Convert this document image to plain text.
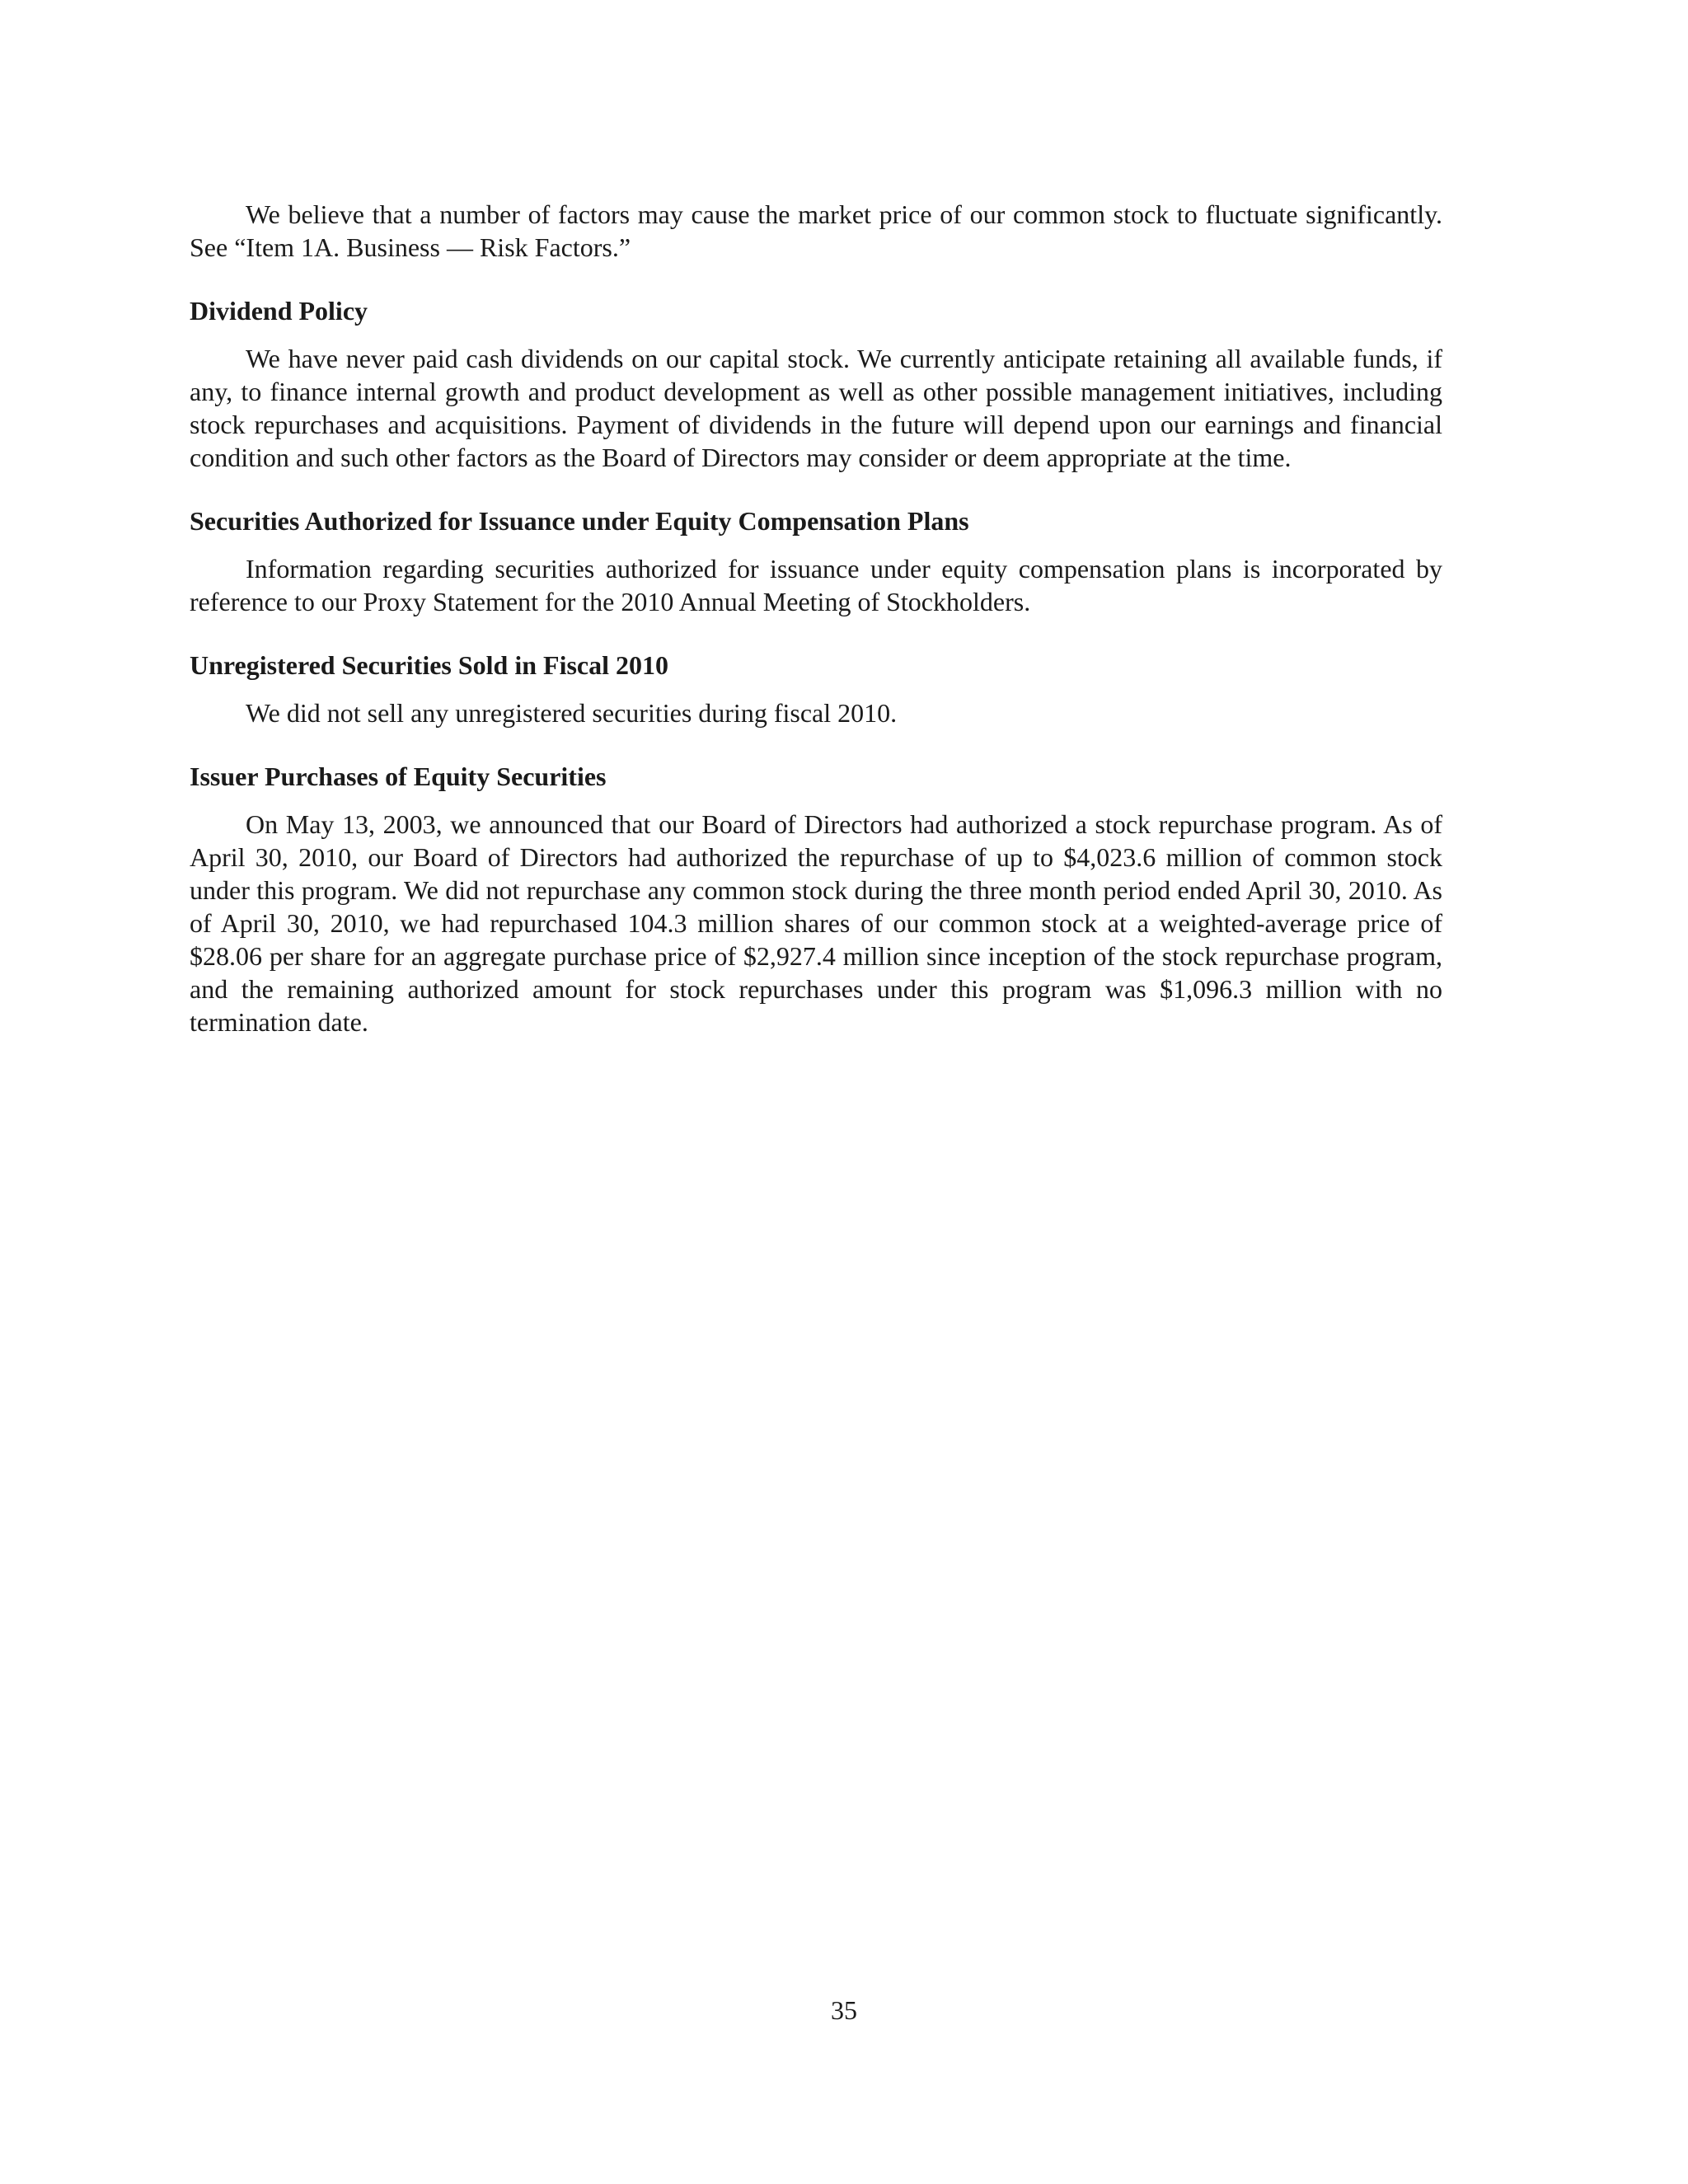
We believe that a number of factors may cause the market price of our common stock to fluctuate significantly. See “Item 1A. Business — Risk Factors.”

Dividend Policy

We have never paid cash dividends on our capital stock. We currently anticipate retaining all available funds, if any, to finance internal growth and product development as well as other possible management initiatives, including stock repurchases and acquisitions. Payment of dividends in the future will depend upon our earnings and financial condition and such other factors as the Board of Directors may consider or deem appropriate at the time.

Securities Authorized for Issuance under Equity Compensation Plans

Information regarding securities authorized for issuance under equity compensation plans is incorporated by reference to our Proxy Statement for the 2010 Annual Meeting of Stockholders.

Unregistered Securities Sold in Fiscal 2010

We did not sell any unregistered securities during fiscal 2010.

Issuer Purchases of Equity Securities

On May 13, 2003, we announced that our Board of Directors had authorized a stock repurchase program. As of April 30, 2010, our Board of Directors had authorized the repurchase of up to $4,023.6 million of common stock under this program. We did not repurchase any common stock during the three month period ended April 30, 2010. As of April 30, 2010, we had repurchased 104.3 million shares of our common stock at a weighted-average price of $28.06 per share for an aggregate purchase price of $2,927.4 million since inception of the stock repurchase program, and the remaining authorized amount for stock repurchases under this program was $1,096.3 million with no termination date.

35
